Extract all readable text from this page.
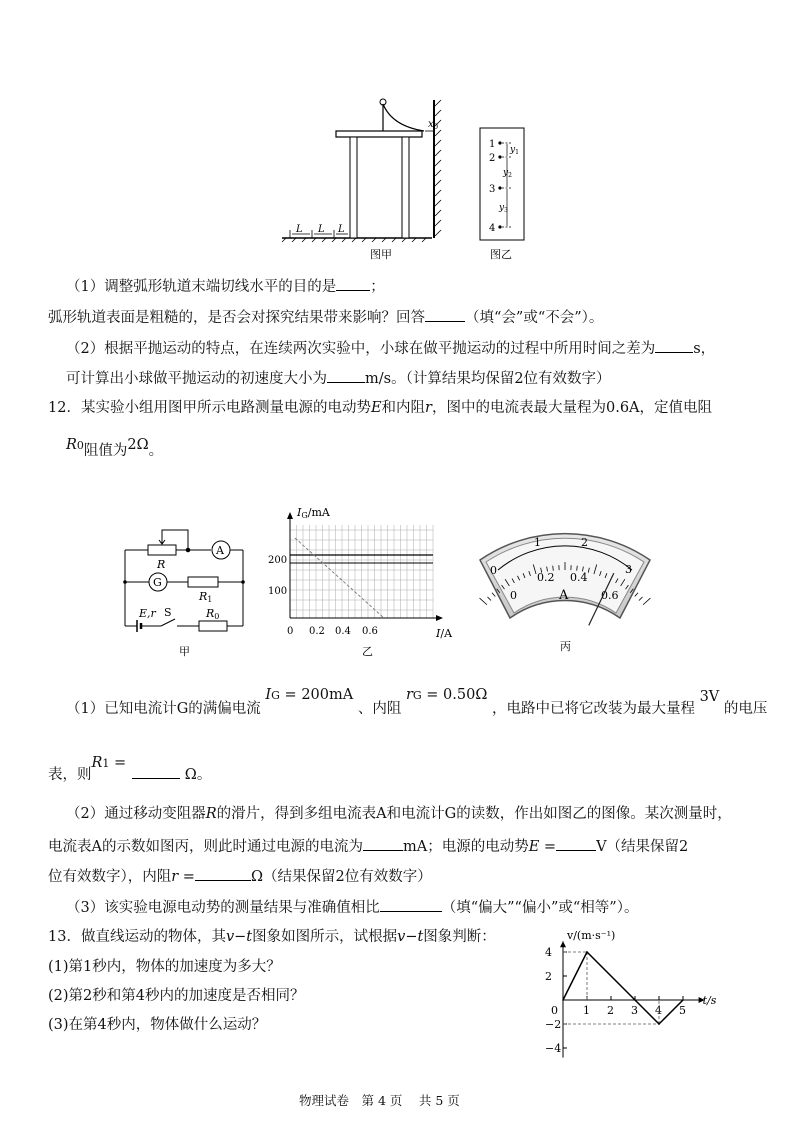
L L L
$x_0$
图甲
1
2
3
4
$y_1$
$y_2$
$y_3$
图乙
（1）调整弧形轨道末端切线水平的目的是 ；
弧形轨道表面是粗糙的，是否会对探究结果带来影响？回答	（填“会”或“不会”）。
（2）根据平抛运动的特点，在连续两次实验中，小球在做平抛运动的过程中所用时间之差为	s，
可计算出小球做平抛运动的初速度大小为	m/s。（计算结果均保留2位有效数字）
12．某实验小组用图甲所示电路测量电源的电动势E和内阻r，图中的电流表最大量程为0.6A，定值电阻
R0阻值为2Ω。
R
A
G
R1
E,r S	R0
甲
IG/mA
I/A
200
100
0 0.2 0.4 0.6
乙
0
1	2
3
0
0.2 0.4
0.6
A
丙
（1）已知电流计G的满偏电流 IG = 200mA 、内阻 rG = 0.50Ω ，电路中已将它改装为最大量程 3V 的电压
表，则R1 = Ω。
（2）通过移动变阻器R的滑片，得到多组电流表A和电流计G的读数，作出如图乙的图像。某次测量时，
电流表A的示数如图丙，则此时通过电源的电流为	mA；电源的电动势E =	V（结果保留2
位有效数字），内阻r =	Ω（结果保留2位有效数字）
（3）该实验电源电动势的测量结果与准确值相比	（填“偏大”“偏小”或“相等”）。
13．做直线运动的物体，其v−t图象如图所示，试根据v−t图象判断：
(1)第1秒内，物体的加速度为多大？
(2)第2秒和第4秒内的加速度是否相同？
(3)在第4秒内，物体做什么运动？
4
2
−2
−4
0 1 2 3 4 5
v/(m·s⁻¹)
t/s
物理试卷　第 4 页　 共 5 页
